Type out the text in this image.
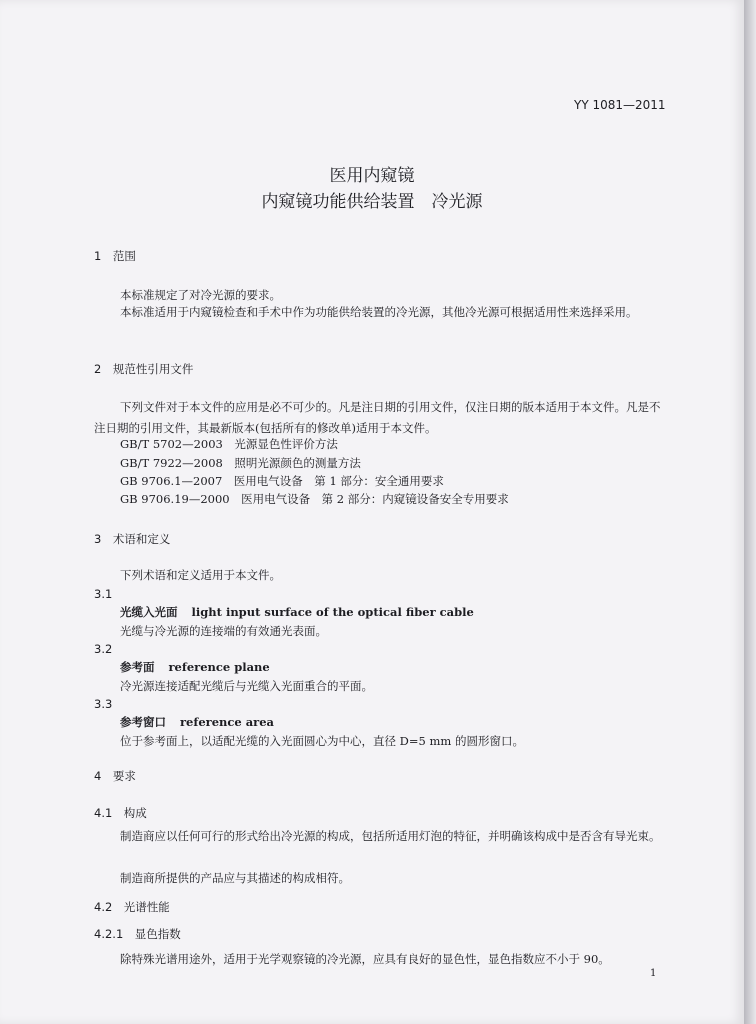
YY 1081—2011
医用内窥镜
内窥镜功能供给装置　冷光源
1　范围
本标准规定了对冷光源的要求。
本标准适用于内窥镜检查和手术中作为功能供给装置的冷光源，其他冷光源可根据适用性来选择采用。
2　规范性引用文件
下列文件对于本文件的应用是必不可少的。凡是注日期的引用文件，仅注日期的版本适用于本文件。凡是不注日期的引用文件，其最新版本(包括所有的修改单)适用于本文件。
GB/T 5702—2003　光源显色性评价方法
GB/T 7922—2008　照明光源颜色的测量方法
GB 9706.1—2007　医用电气设备　第 1 部分：安全通用要求
GB 9706.19—2000　医用电气设备　第 2 部分：内窥镜设备安全专用要求
3　术语和定义
下列术语和定义适用于本文件。
3.1
光缆入光面 light input surface of the optical fiber cable
光缆与冷光源的连接端的有效通光表面。
3.2
参考面 reference plane
冷光源连接适配光缆后与光缆入光面重合的平面。
3.3
参考窗口 reference area
位于参考面上，以适配光缆的入光面圆心为中心，直径 D=5 mm 的圆形窗口。
4　要求
4.1　构成
制造商应以任何可行的形式给出冷光源的构成，包括所适用灯泡的特征，并明确该构成中是否含有导光束。
制造商所提供的产品应与其描述的构成相符。
4.2　光谱性能
4.2.1　显色指数
除特殊光谱用途外，适用于光学观察镜的冷光源，应具有良好的显色性，显色指数应不小于 90。
1
